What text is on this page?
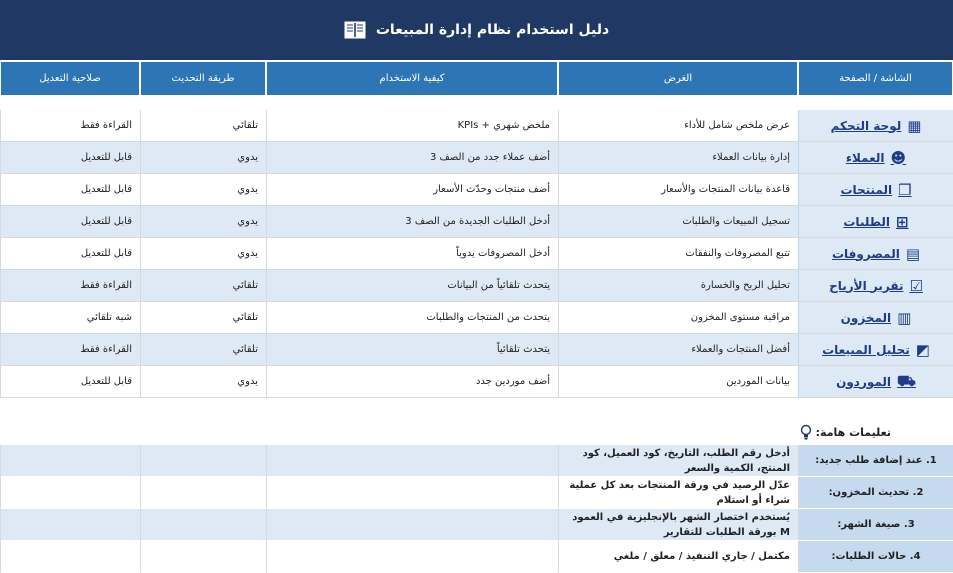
دليل استخدام نظام إدارة المبيعات
الشاشة / الصفحة
الغرض
كيفية الاستخدام
طريقة التحديث
صلاحية التعديل
▦
لوحة التحكم
عرض ملخص شامل للأداء
ملخص شهري + KPIs
تلقائي
القراءة فقط
☻
العملاء
إدارة بيانات العملاء
أضف عملاء جدد من الصف 3
يدوي
قابل للتعديل
❒
المنتجات
قاعدة بيانات المنتجات والأسعار
أضف منتجات وحدّث الأسعار
يدوي
قابل للتعديل
⊞
الطلبات
تسجيل المبيعات والطلبات
أدخل الطلبات الجديدة من الصف 3
يدوي
قابل للتعديل
▤
المصروفات
تتبع المصروفات والنفقات
أدخل المصروفات يدوياً
يدوي
قابل للتعديل
☑
تقرير الأرباح
تحليل الربح والخسارة
يتحدث تلقائياً من البيانات
تلقائي
القراءة فقط
▥
المخزون
مراقبة مستوى المخزون
يتحدث من المنتجات والطلبات
تلقائي
شبه تلقائي
◩
تحليل المبيعات
أفضل المنتجات والعملاء
يتحدث تلقائياً
تلقائي
القراءة فقط
⛟
الموردون
بيانات الموردين
أضف موردين جدد
يدوي
قابل للتعديل
تعليمات هامة:
1. عند إضافة طلب جديد:
أدخل رقم الطلب، التاريخ، كود العميل، كود المنتج، الكمية والسعر
2. تحديث المخزون:
عدّل الرصيد في ورقة المنتجات بعد كل عملية شراء أو استلام
3. صيغة الشهر:
يُستخدم اختصار الشهر بالإنجليزية في العمود M بورقة الطلبات للتقارير
4. حالات الطلبات:
مكتمل / جاري التنفيذ / معلق / ملغي
